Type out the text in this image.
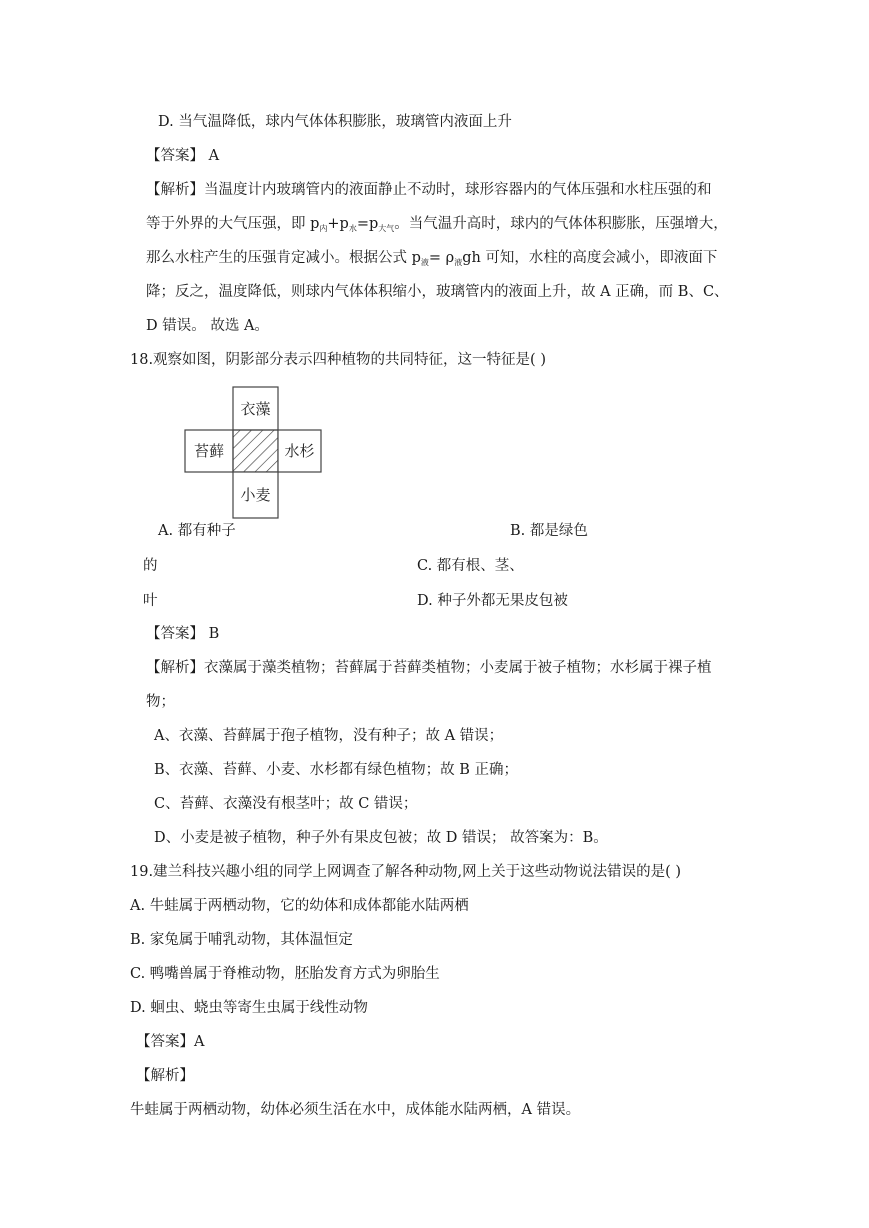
D. 当气温降低，球内气体体积膨胀，玻璃管内液面上升
【答案】 A
【解析】当温度计内玻璃管内的液面静止不动时，球形容器内的气体压强和水柱压强的和
等于外界的大气压强，即 $p_内+p_水=p_{大气}$。当气温升高时，球内的气体体积膨胀，压强增大，
那么水柱产生的压强肯定减小。根据公式 $p_液= \rho_液gh$ 可知，水柱的高度会减小，即液面下
降；反之，温度降低，则球内气体体积缩小，玻璃管内的液面上升，故 A 正确，而 B、C、
D 错误。 故选 A。
18.观察如图，阴影部分表示四种植物的共同特征，这一特征是( )
衣藻
苔藓	水杉
小麦
A. 都有种子	B. 都是绿色
的	C. 都有根、茎、
叶	D. 种子外都无果皮包被
【答案】 B
【解析】衣藻属于藻类植物；苔藓属于苔藓类植物；小麦属于被子植物；水杉属于裸子植
物；
A、衣藻、苔藓属于孢子植物，没有种子；故 A 错误；
B、衣藻、苔藓、小麦、水杉都有绿色植物；故 B 正确；
C、苔藓、衣藻没有根茎叶；故 C 错误；
D、小麦是被子植物，种子外有果皮包被；故 D 错误； 故答案为：B。
19.建兰科技兴趣小组的同学上网调查了解各种动物,网上关于这些动物说法错误的是( )
A. 牛蛙属于两栖动物，它的幼体和成体都能水陆两栖
B. 家兔属于哺乳动物，其体温恒定
C. 鸭嘴兽属于脊椎动物，胚胎发育方式为卵胎生
D. 蛔虫、蛲虫等寄生虫属于线性动物
【答案】A
【解析】
牛蛙属于两栖动物，幼体必须生活在水中，成体能水陆两栖，A 错误。
